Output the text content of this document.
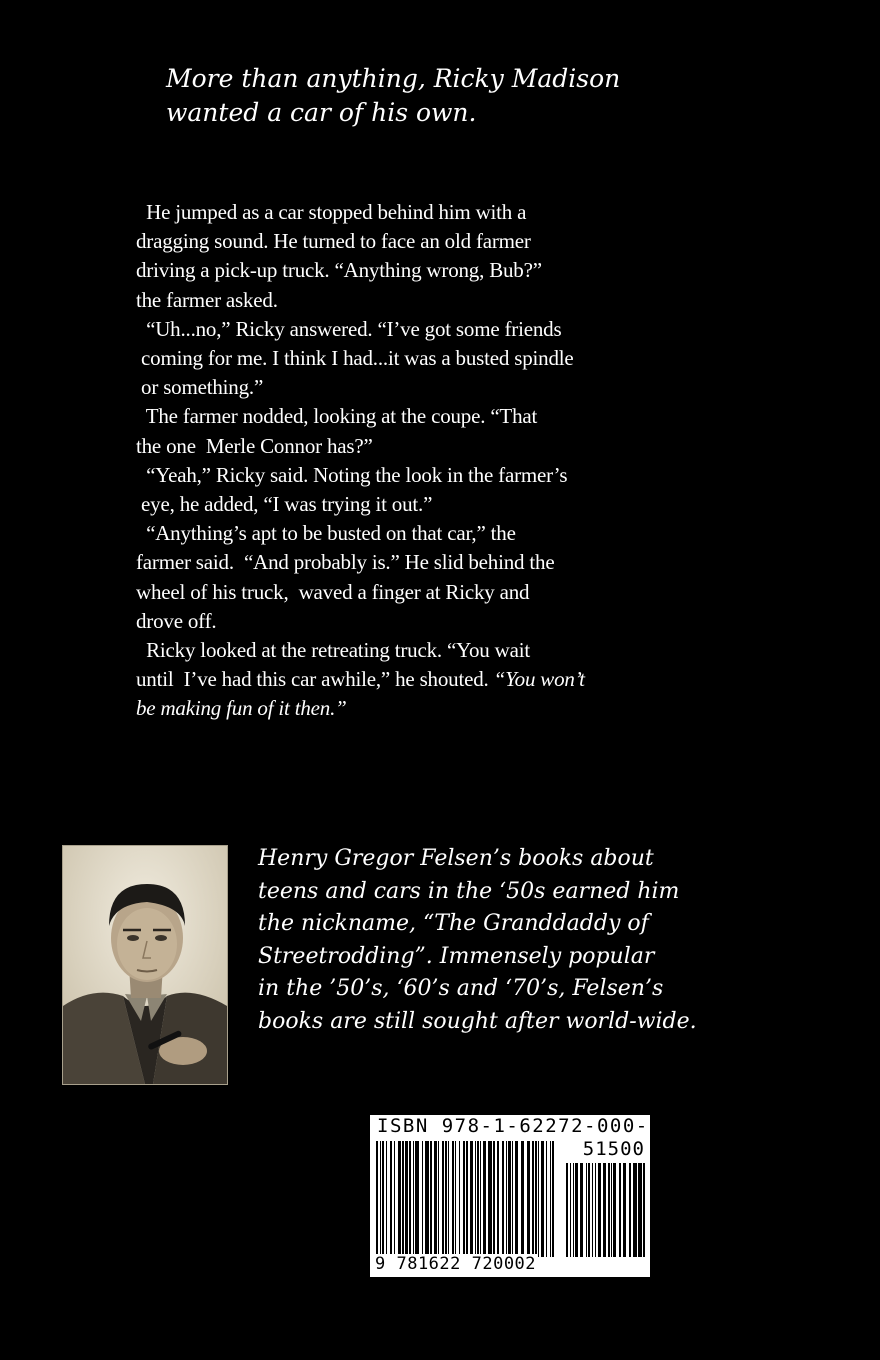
More than anything, Ricky Madison
wanted a car of his own.
He jumped as a car stopped behind him with a
dragging sound. He turned to face an old farmer
driving a pick-up truck. “Anything wrong, Bub?”
the farmer asked.
“Uh...no,” Ricky answered. “I’ve got some friends
coming for me. I think I had...it was a busted spindle
or something.”
The farmer nodded, looking at the coupe. “That
the one  Merle Connor has?”
“Yeah,” Ricky said. Noting the look in the farmer’s
eye, he added, “I was trying it out.”
“Anything’s apt to be busted on that car,” the
farmer said.  “And probably is.” He slid behind the
wheel of his truck,  waved a finger at Ricky and
drove off.
Ricky looked at the retreating truck. “You wait
until  I’ve had this car awhile,” he shouted. “You won’t
be making fun of it then.”
Henry Gregor Felsen’s books about
teens and cars in the ‘50s earned him
the nickname, “The Granddaddy of
Streetrodding”. Immensely popular
in the ’50’s, ‘60’s and ‘70’s, Felsen’s
books are still sought after world-wide.
ISBN 978-1-62272-000-2
51500
9 781622 720002
